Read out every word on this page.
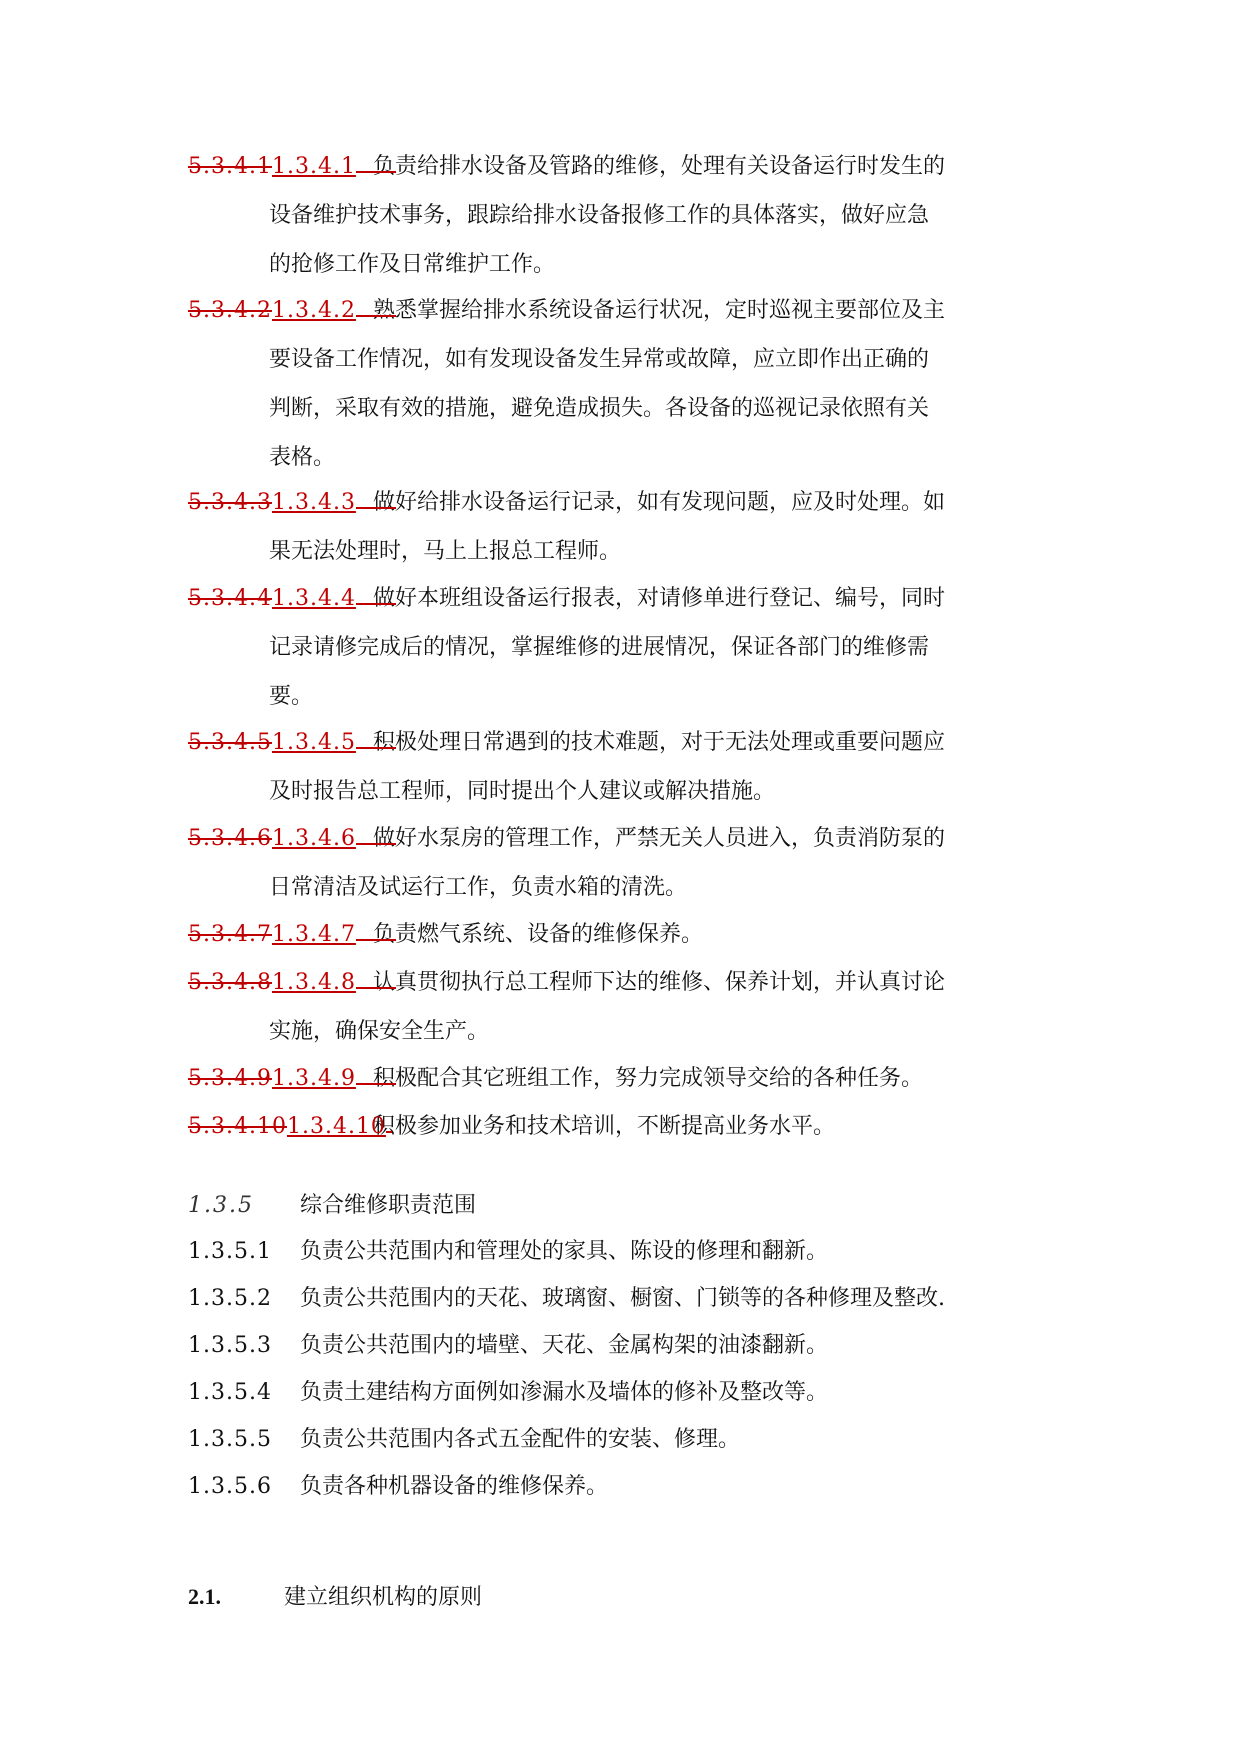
5.3.4.11.3.4.1 负责给排水设备及管路的维修，处理有关设备运行时发生的
设备维护技术事务，跟踪给排水设备报修工作的具体落实，做好应急
的抢修工作及日常维护工作。
5.3.4.21.3.4.2 熟悉掌握给排水系统设备运行状况，定时巡视主要部位及主
要设备工作情况，如有发现设备发生异常或故障，应立即作出正确的
判断，采取有效的措施，避免造成损失。各设备的巡视记录依照有关
表格。
5.3.4.31.3.4.3 做好给排水设备运行记录，如有发现问题，应及时处理。如
果无法处理时，马上上报总工程师。
5.3.4.41.3.4.4 做好本班组设备运行报表，对请修单进行登记、编号，同时
记录请修完成后的情况，掌握维修的进展情况，保证各部门的维修需
要。
5.3.4.51.3.4.5 积极处理日常遇到的技术难题，对于无法处理或重要问题应
及时报告总工程师，同时提出个人建议或解决措施。
5.3.4.61.3.4.6 做好水泵房的管理工作，严禁无关人员进入，负责消防泵的
日常清洁及试运行工作，负责水箱的清洗。
5.3.4.71.3.4.7 负责燃气系统、设备的维修保养。
5.3.4.81.3.4.8 认真贯彻执行总工程师下达的维修、保养计划，并认真讨论
实施，确保安全生产。
5.3.4.91.3.4.9 积极配合其它班组工作，努力完成领导交给的各种任务。
5.3.4.101.3.4.10
积极参加业务和技术培训，不断提高业务水平。
1.3.5 综合维修职责范围
1.3.5.1 负责公共范围内和管理处的家具、陈设的修理和翻新。
1.3.5.2 负责公共范围内的天花、玻璃窗、橱窗、门锁等的各种修理及整改.
1.3.5.3 负责公共范围内的墙壁、天花、金属构架的油漆翻新。
1.3.5.4 负责土建结构方面例如渗漏水及墙体的修补及整改等。
1.3.5.5 负责公共范围内各式五金配件的安装、修理。
1.3.5.6 负责各种机器设备的维修保养。
2.1.	建立组织机构的原则
